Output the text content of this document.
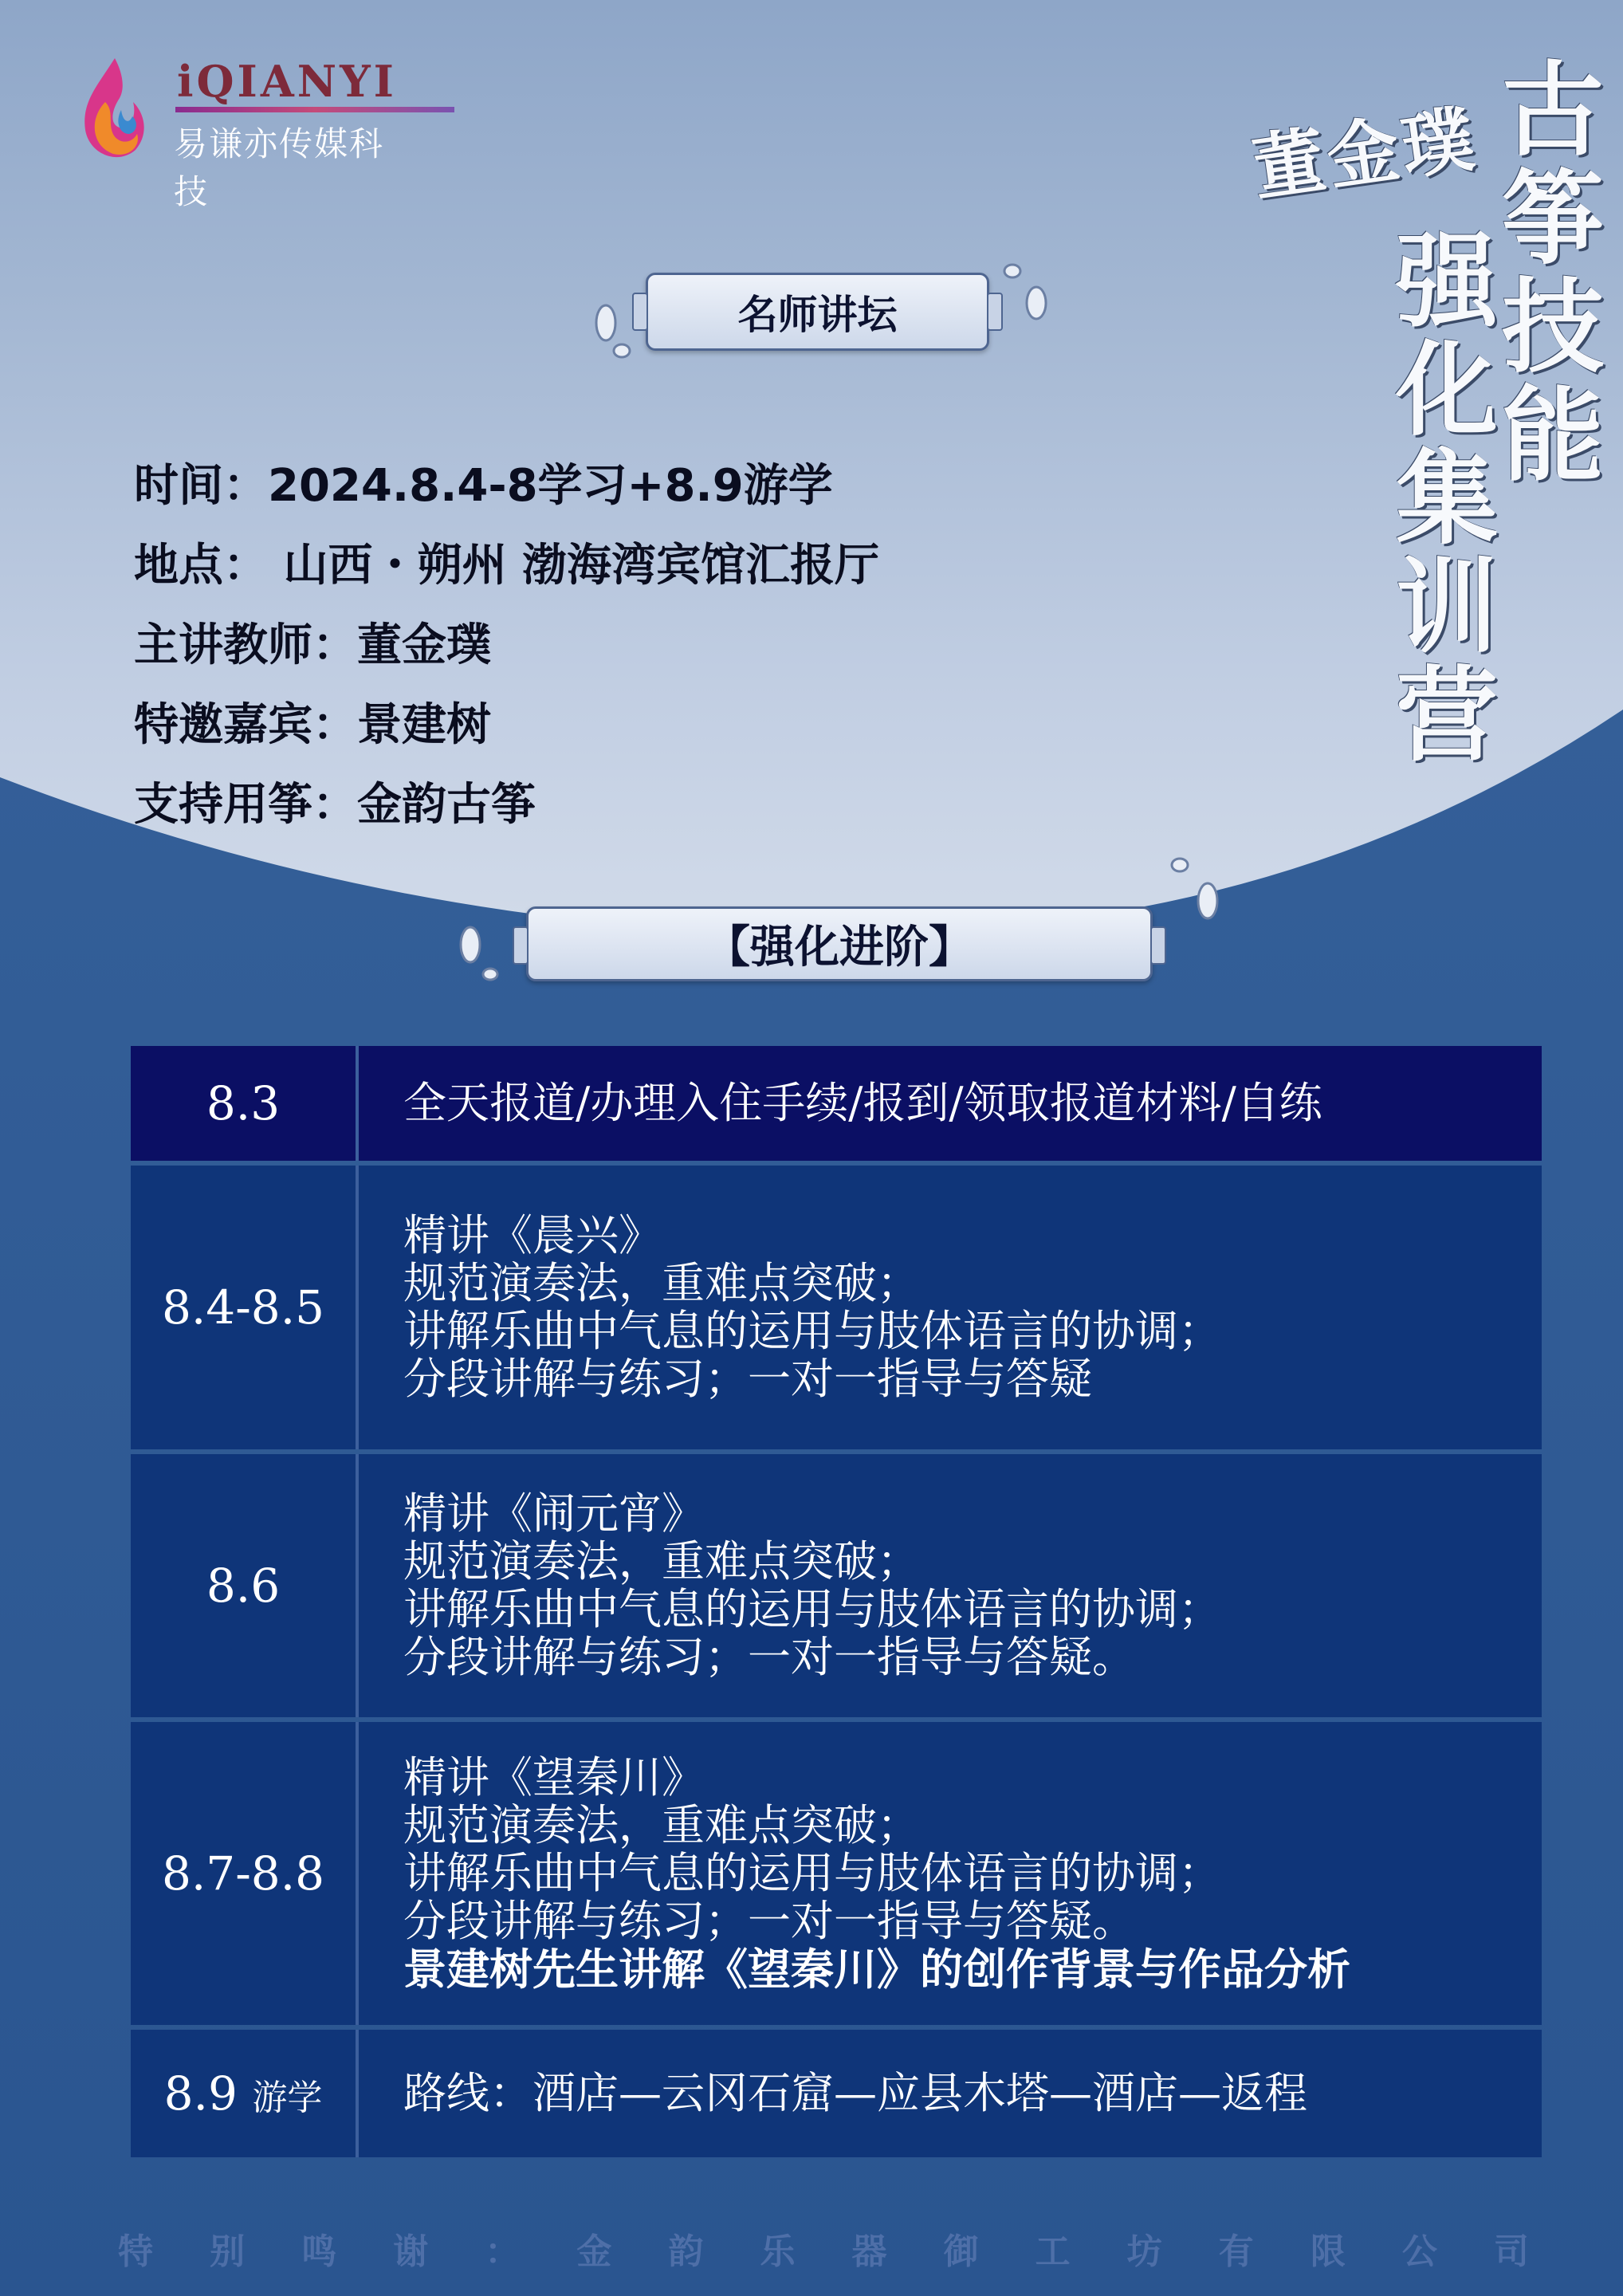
iQIANYI
易谦亦传媒科技	古筝技能
强化集训营
董金璞
名师讲坛
时间：2024.8.4-8学习+8.9游学
地点： 山西・朔州 渤海湾宾馆汇报厅
主讲教师：董金璞
特邀嘉宾：景建树
支持用筝：金韵古筝
【强化进阶】
8.3	全天报道/办理入住手续/报到/领取报道材料/自练

8.4-8.5	精讲《晨兴》
规范演奏法，重难点突破；
讲解乐曲中气息的运用与肢体语言的协调；
分段讲解与练习；一对一指导与答疑

8.6	精讲《闹元宵》
规范演奏法，重难点突破；
讲解乐曲中气息的运用与肢体语言的协调；
分段讲解与练习；一对一指导与答疑。

8.7-8.8	精讲《望秦川》
规范演奏法，重难点突破；
讲解乐曲中气息的运用与肢体语言的协调；
分段讲解与练习；一对一指导与答疑。
景建树先生讲解《望秦川》的创作背景与作品分析

8.9 游学	路线：酒店—云冈石窟—应县木塔—酒店—返程
特 别 鸣 谢 ： 金 韵 乐 器 御 工 坊 有 限 公 司
